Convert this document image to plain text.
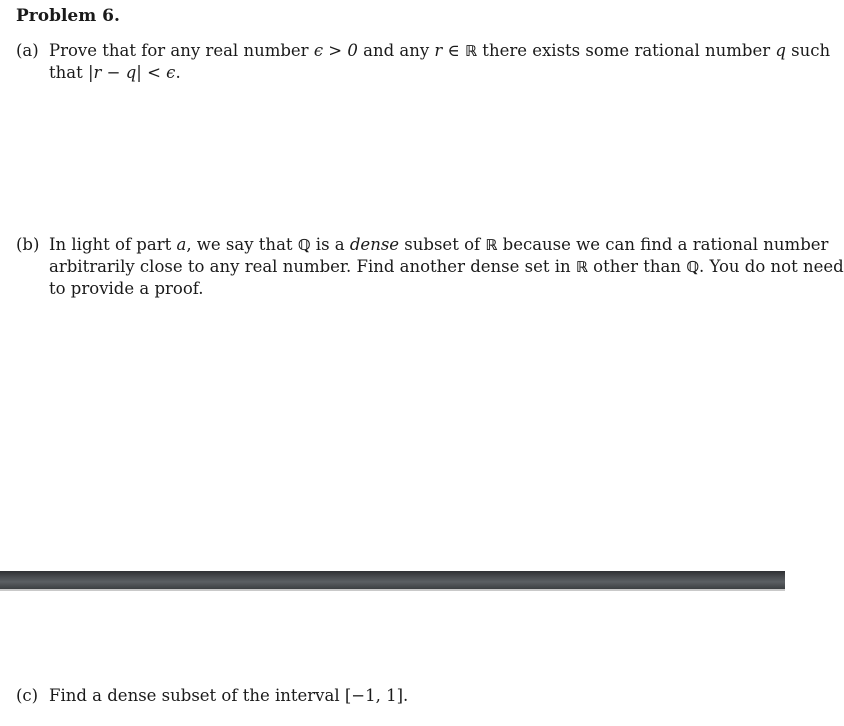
Problem 6.
(a) Prove that for any real number ϵ > 0 and any r ∈ ℝ there exists some rational number q such
that |r − q| < ϵ.
(b) In light of part a, we say that ℚ is a dense subset of ℝ because we can find a rational number
arbitrarily close to any real number. Find another dense set in ℝ other than ℚ. You do not need
to provide a proof.
(c) Find a dense subset of the interval [−1, 1].
